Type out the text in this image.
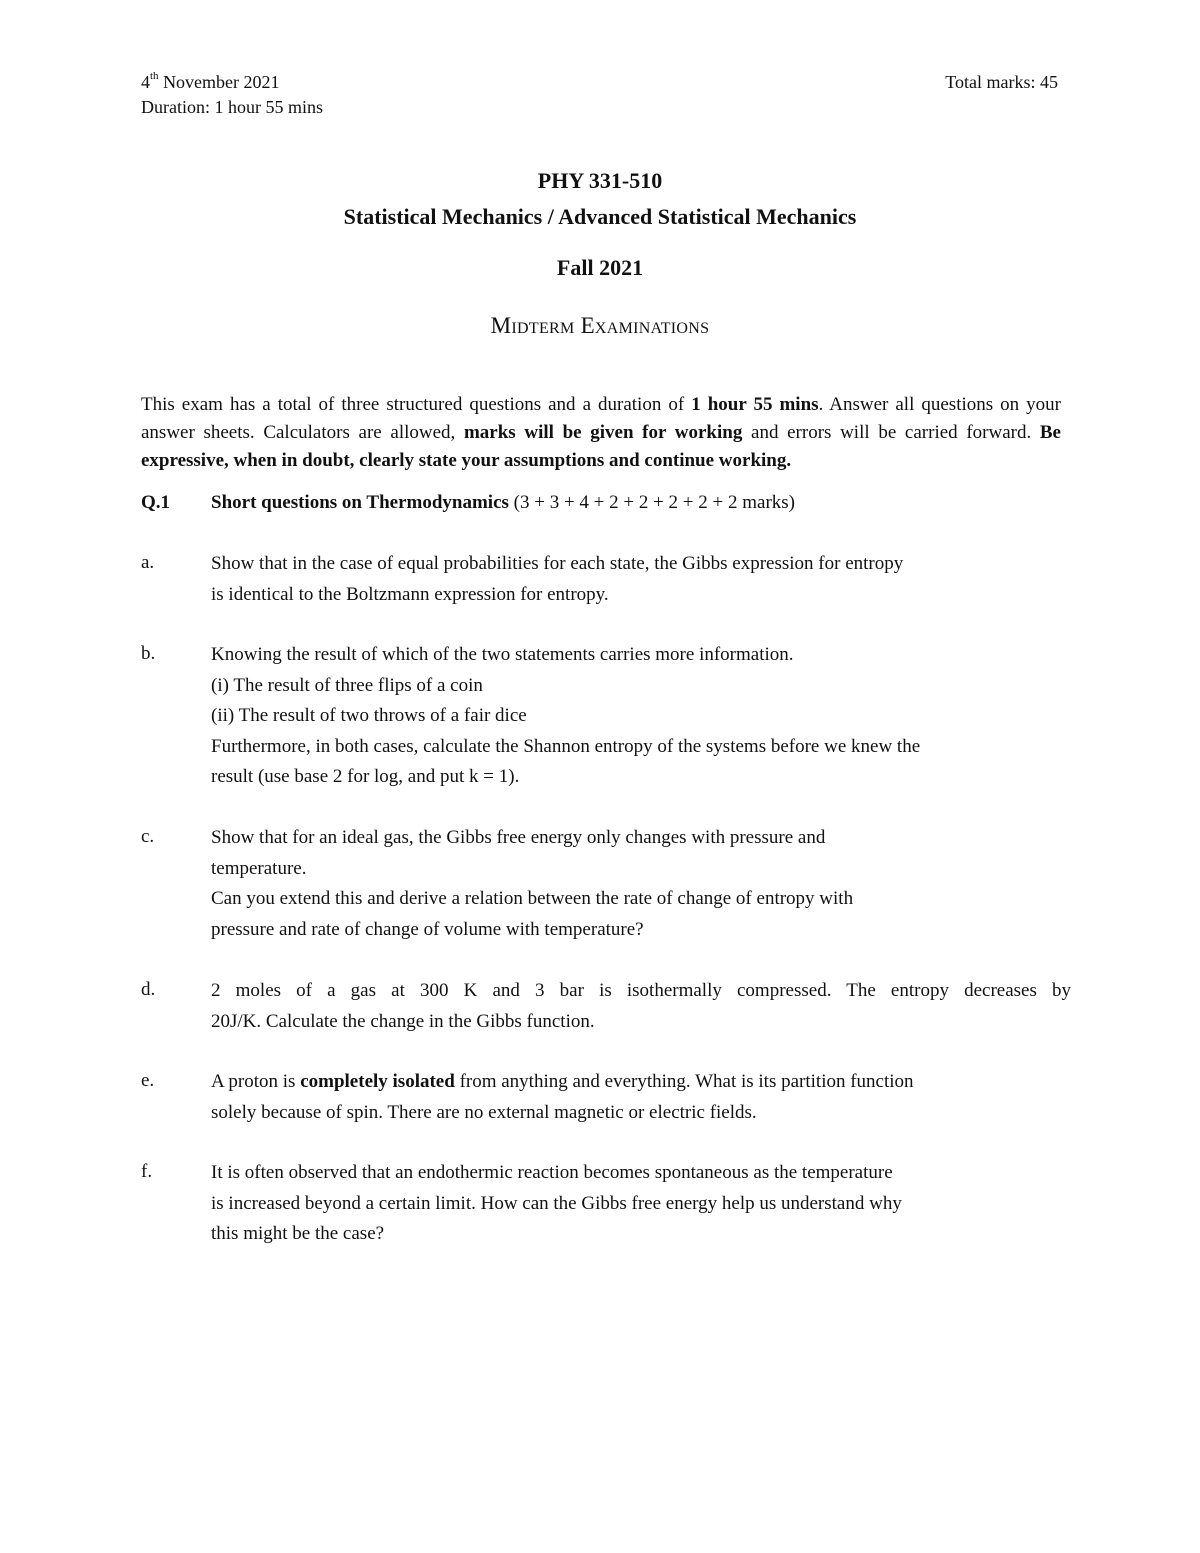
4th November 2021
Duration: 1 hour 55 mins
Total marks: 45
PHY 331-510
Statistical Mechanics / Advanced Statistical Mechanics
Fall 2021
Midterm Examinations
This exam has a total of three structured questions and a duration of 1 hour 55 mins. Answer all questions on your answer sheets. Calculators are allowed, marks will be given for working and errors will be carried forward. Be expressive, when in doubt, clearly state your assumptions and continue working.
Q.1 Short questions on Thermodynamics (3 + 3 + 4 + 2 + 2 + 2 + 2 + 2 marks)
a.	Show that in the case of equal probabilities for each state, the Gibbs expression for entropy
is identical to the Boltzmann expression for entropy.
b.	Knowing the result of which of the two statements carries more information.
(i) The result of three flips of a coin
(ii) The result of two throws of a fair dice
Furthermore, in both cases, calculate the Shannon entropy of the systems before we knew the
result (use base 2 for log, and put k = 1).
c.	Show that for an ideal gas, the Gibbs free energy only changes with pressure and
temperature.
Can you extend this and derive a relation between the rate of change of entropy with
pressure and rate of change of volume with temperature?
d.	2 moles of a gas at 300 K and 3 bar is isothermally compressed. The entropy decreases by
20J/K. Calculate the change in the Gibbs function.
e.	A proton is completely isolated from anything and everything. What is its partition function
solely because of spin. There are no external magnetic or electric fields.
f.	It is often observed that an endothermic reaction becomes spontaneous as the temperature
is increased beyond a certain limit. How can the Gibbs free energy help us understand why
this might be the case?
